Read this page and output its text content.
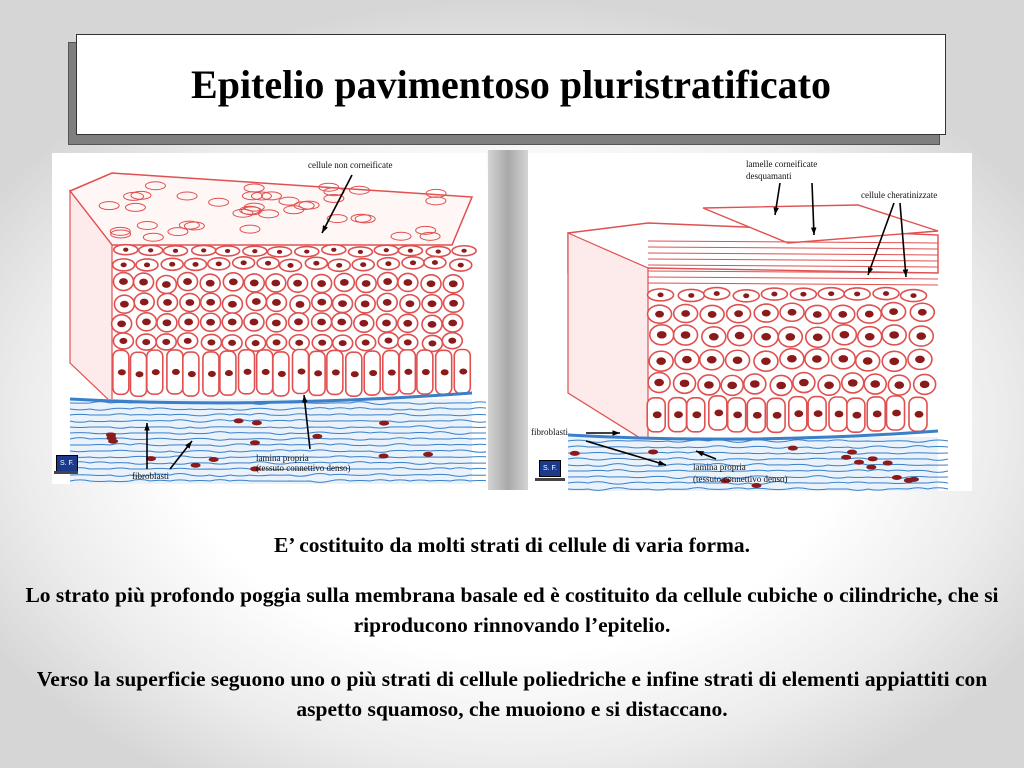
Epitelio pavimentoso pluristratificato
cellule non corneificate
fibroblasti
lamina propria
(tessuto connettivo denso)
S. F.
lamelle corneificate
desquamanti
cellule cheratinizzate
fibroblasti
lamina propria
(tessuto connettivo denso)
S. F.
E’ costituito da molti strati di cellule di varia forma.
Lo strato più profondo poggia sulla membrana basale ed è costituito da cellule cubiche o cilindriche, che si riproducono rinnovando l’epitelio.
Verso la superficie seguono uno o più strati di cellule poliedriche e infine strati di elementi appiattiti con aspetto squamoso, che muoiono e si distaccano.
